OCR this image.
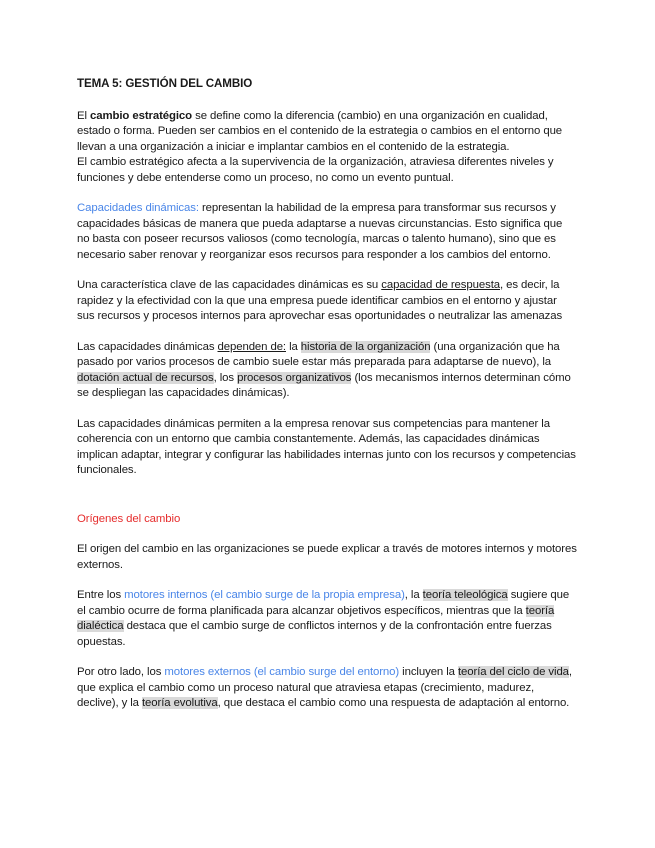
TEMA 5: GESTIÓN DEL CAMBIO

El cambio estratégico se define como la diferencia (cambio) en una organización en cualidad, estado o forma. Pueden ser cambios en el contenido de la estrategia o cambios en el entorno que llevan a una organización a iniciar e implantar cambios en el contenido de la estrategia.
El cambio estratégico afecta a la supervivencia de la organización, atraviesa diferentes niveles y funciones y debe entenderse como un proceso, no como un evento puntual.

Capacidades dinámicas: representan la habilidad de la empresa para transformar sus recursos y capacidades básicas de manera que pueda adaptarse a nuevas circunstancias. Esto significa que no basta con poseer recursos valiosos (como tecnología, marcas o talento humano), sino que es necesario saber renovar y reorganizar esos recursos para responder a los cambios del entorno.

Una característica clave de las capacidades dinámicas es su capacidad de respuesta, es decir, la rapidez y la efectividad con la que una empresa puede identificar cambios en el entorno y ajustar sus recursos y procesos internos para aprovechar esas oportunidades o neutralizar las amenazas

Las capacidades dinámicas dependen de: la historia de la organización (una organización que ha pasado por varios procesos de cambio suele estar más preparada para adaptarse de nuevo), la dotación actual de recursos, los procesos organizativos (los mecanismos internos determinan cómo se despliegan las capacidades dinámicas).

Las capacidades dinámicas permiten a la empresa renovar sus competencias para mantener la coherencia con un entorno que cambia constantemente. Además, las capacidades dinámicas implican adaptar, integrar y configurar las habilidades internas junto con los recursos y competencias funcionales.

Orígenes del cambio

El origen del cambio en las organizaciones se puede explicar a través de motores internos y motores externos.

Entre los motores internos (el cambio surge de la propia empresa), la teoría teleológica sugiere que el cambio ocurre de forma planificada para alcanzar objetivos específicos, mientras que la teoría dialéctica destaca que el cambio surge de conflictos internos y de la confrontación entre fuerzas opuestas.

Por otro lado, los motores externos (el cambio surge del entorno) incluyen la teoría del ciclo de vida, que explica el cambio como un proceso natural que atraviesa etapas (crecimiento, madurez, declive), y la teoría evolutiva, que destaca el cambio como una respuesta de adaptación al entorno.
